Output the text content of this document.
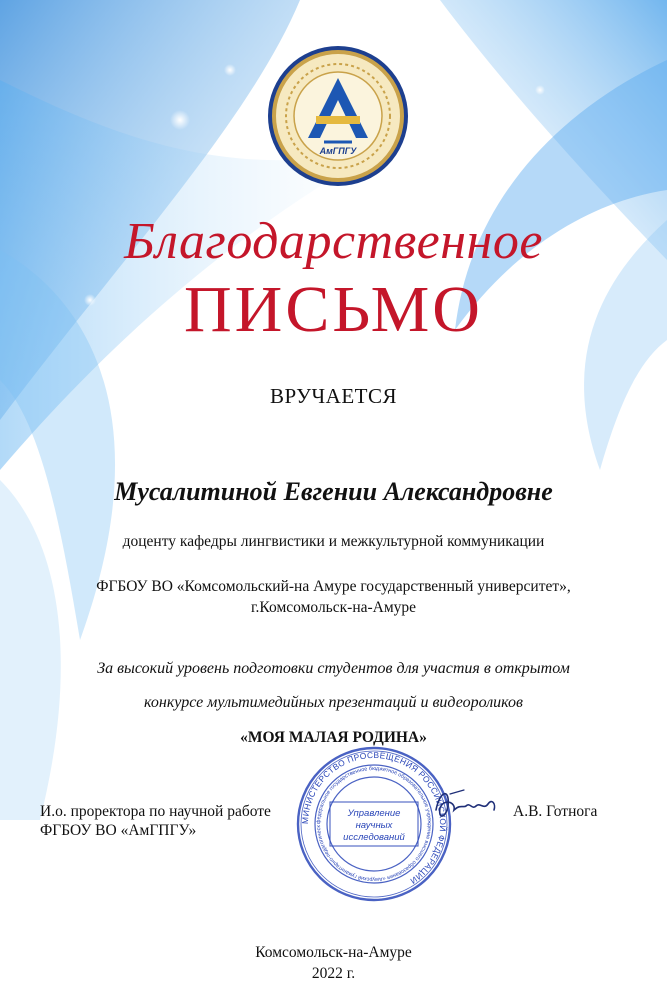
АмГПГУ
Благодарственное
ПИСЬМО
ВРУЧАЕТСЯ
Мусалитиной Евгении Александровне
доценту кафедры лингвистики и межкультурной коммуникации
ФГБОУ ВО «Комсомольский-на Амуре государственный университет»,
г.Комсомольск-на-Амуре
За высокий уровень подготовки студентов для участия в открытом
конкурсе мультимедийных презентаций и видеороликов
«МОЯ МАЛАЯ РОДИНА»
МИНИСТЕРСТВО ПРОСВЕЩЕНИЯ РОССИЙСКОЙ ФЕДЕРАЦИИ
федеральное государственное бюджетное образовательное учреждение высшего образования «Амурский гуманитарно-педагогическ
Управление
научных
исследований
И.о. проректора по научной работе
ФГБОУ ВО «АмГПГУ»
А.В. Готнога
Комсомольск-на-Амуре
2022 г.
